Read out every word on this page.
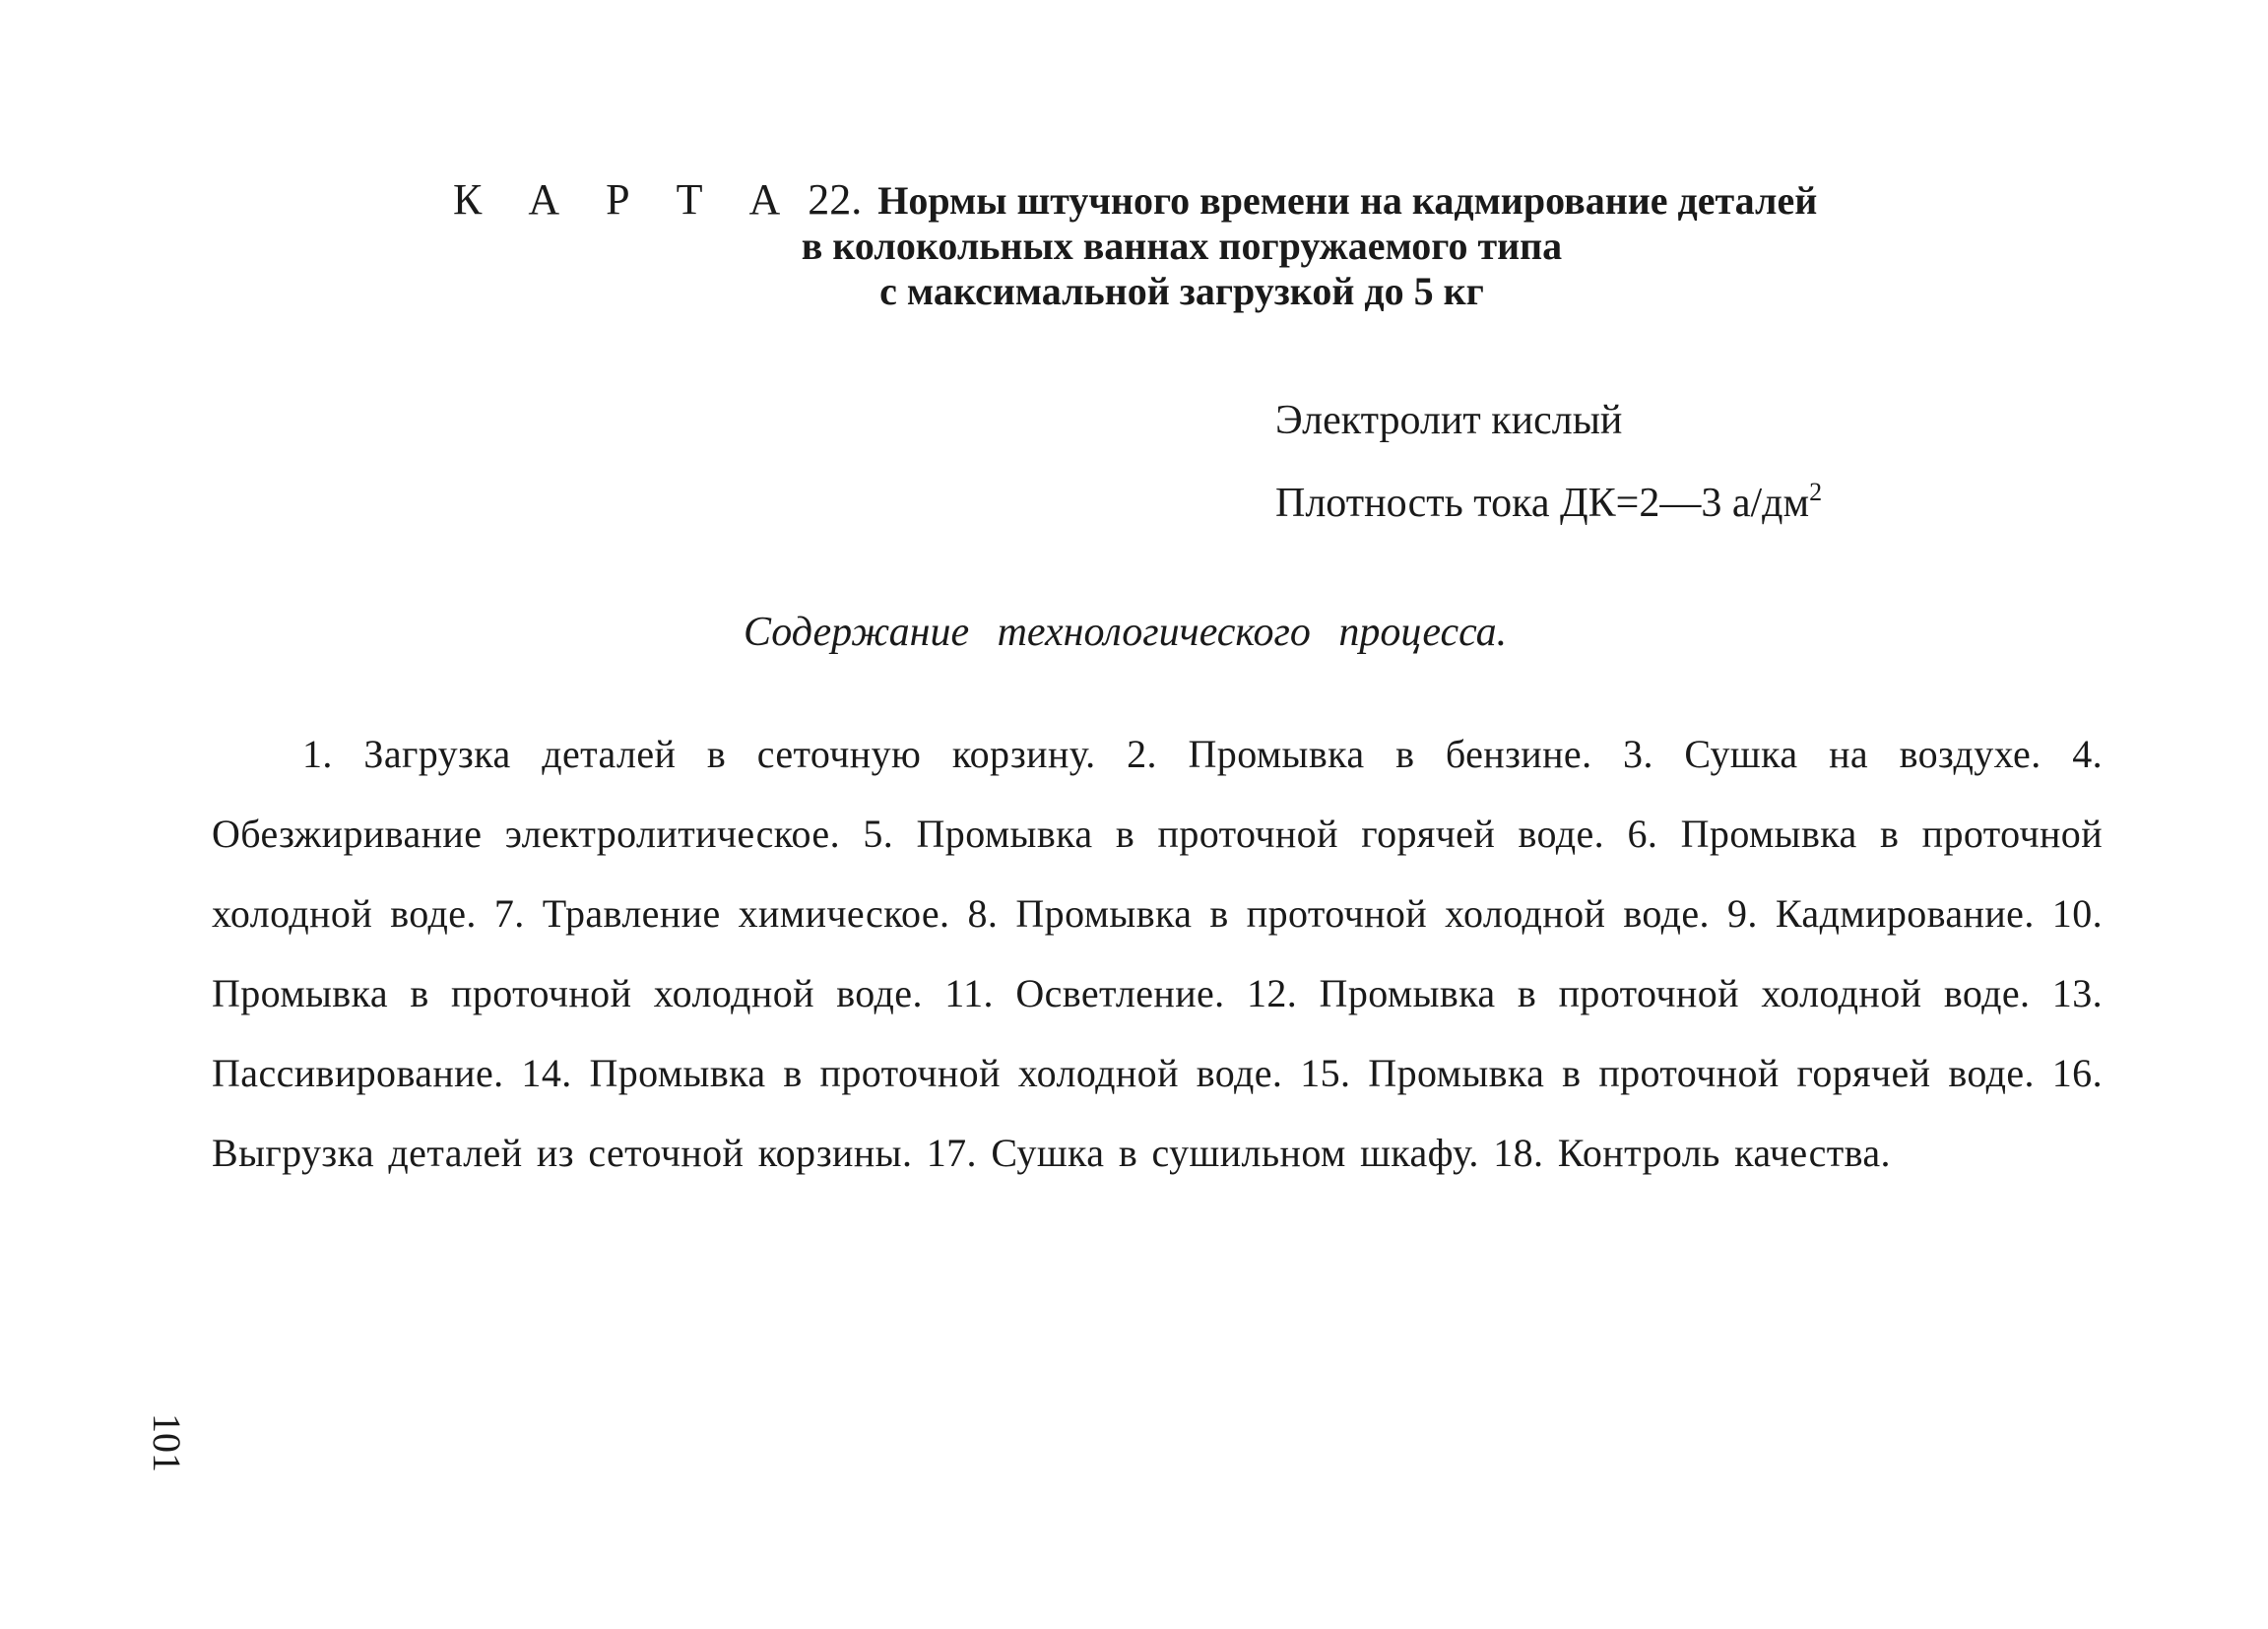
К А Р Т А 22. Нормы штучного времени на кадмирование деталей
в колокольных ваннах погружаемого типа
с максимальной загрузкой до 5 кг
Электролит кислый
Плотность тока ДК=2—3 $а/дм^2$
Содержание технологического процесса.
1. Загрузка деталей в сеточную корзину. 2. Промывка в бензине. 3. Сушка на воздухе. 4. Обезжиривание электролитическое. 5. Промывка в проточной горячей воде. 6. Промывка в проточной холодной воде. 7. Травление химическое. 8. Промывка в проточной холодной воде. 9. Кадмирование. 10. Промывка в проточной холодной воде. 11. Осветление. 12. Промывка в проточной холодной воде. 13. Пассивирование. 14. Промывка в проточной холодной воде. 15. Промывка в проточной горячей воде. 16. Выгрузка деталей из сеточной корзины. 17. Сушка в сушильном шкафу. 18. Контроль качества.
101
